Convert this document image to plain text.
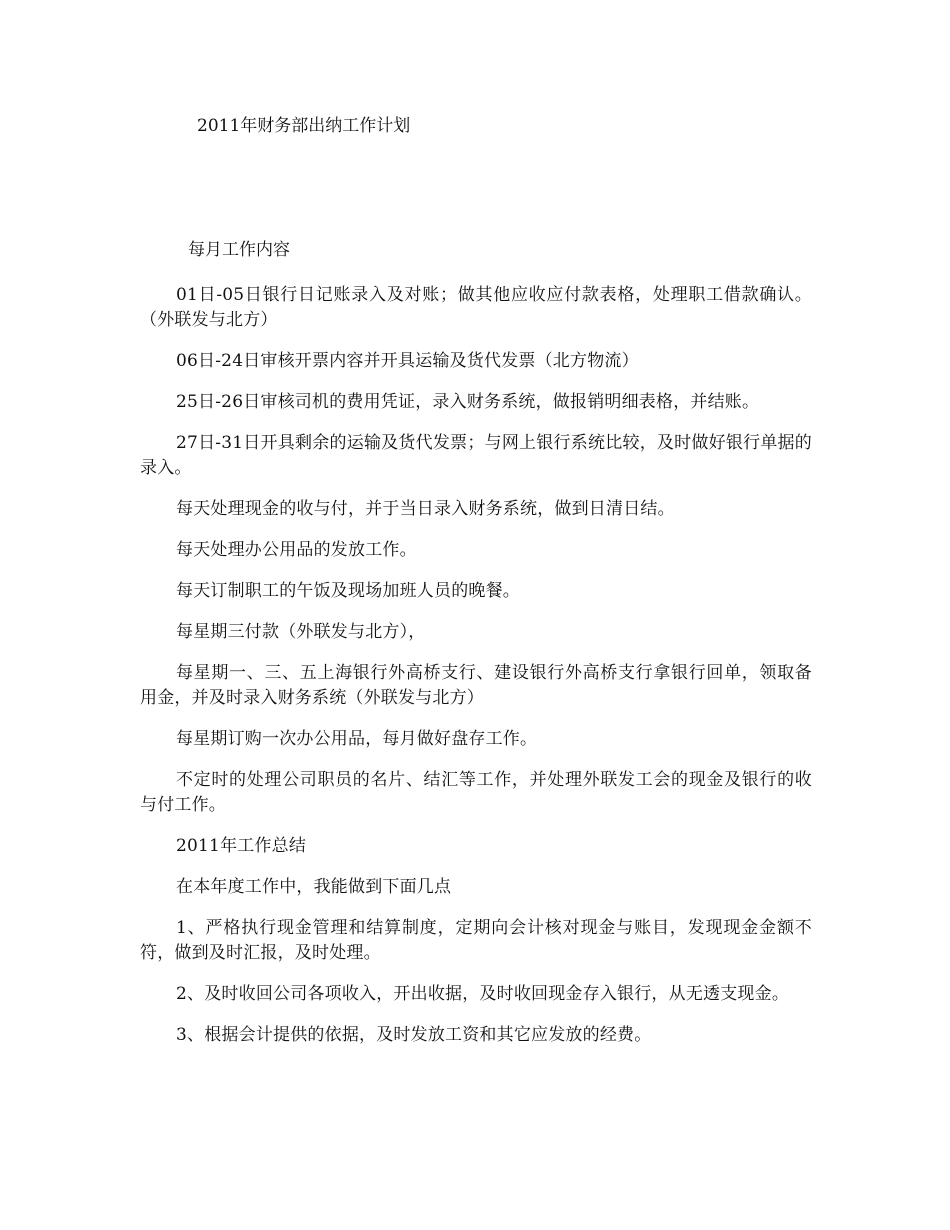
2011年财务部出纳工作计划

每月工作内容

01日-05日银行日记账录入及对账；做其他应收应付款表格，处理职工借款确认。（外联发与北方）

06日-24日审核开票内容并开具运输及货代发票（北方物流）

25日-26日审核司机的费用凭证，录入财务系统，做报销明细表格，并结账。

27日-31日开具剩余的运输及货代发票；与网上银行系统比较，及时做好银行单据的录入。

每天处理现金的收与付，并于当日录入财务系统，做到日清日结。

每天处理办公用品的发放工作。

每天订制职工的午饭及现场加班人员的晚餐。

每星期三付款（外联发与北方），

每星期一、三、五上海银行外高桥支行、建设银行外高桥支行拿银行回单，领取备用金，并及时录入财务系统（外联发与北方）

每星期订购一次办公用品，每月做好盘存工作。

不定时的处理公司职员的名片、结汇等工作，并处理外联发工会的现金及银行的收与付工作。

2011年工作总结

在本年度工作中，我能做到下面几点

1、严格执行现金管理和结算制度，定期向会计核对现金与账目，发现现金金额不符，做到及时汇报，及时处理。

2、及时收回公司各项收入，开出收据，及时收回现金存入银行，从无透支现金。

3、根据会计提供的依据，及时发放工资和其它应发放的经费。
